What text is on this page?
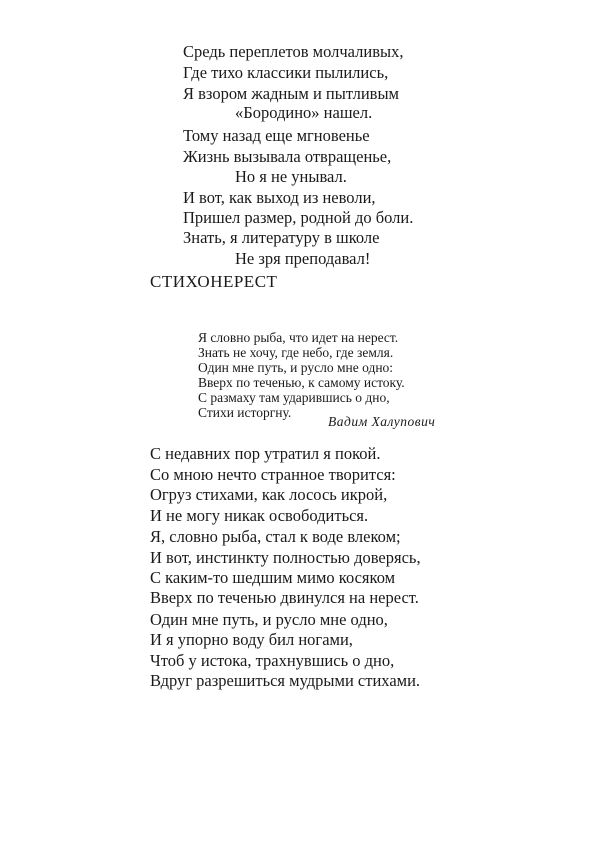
Средь переплетов молчаливых,
Где тихо классики пылились,
Я взором жадным и пытливым
«Бородино» нашел.
Тому назад еще мгновенье
Жизнь вызывала отвращенье,
Но я не унывал.
И вот, как выход из неволи,
Пришел размер, родной до боли.
Знать, я литературу в школе
Не зря преподавал!
СТИХОНЕРЕСТ
Я словно рыба, что идет на нерест.
Знать не хочу, где небо, где земля.
Один мне путь, и русло мне одно:
Вверх по теченью, к самому истоку.
С размаху там ударившись о дно,
Стихи исторгну.
Вадим Халупович
С недавних пор утратил я покой.
Со мною нечто странное творится:
Огруз стихами, как лосось икрой,
И не могу никак освободиться.
Я, словно рыба, стал к воде влеком;
И вот, инстинкту полностью доверясь,
С каким-то шедшим мимо косяком
Вверх по теченью двинулся на нерест.
Один мне путь, и русло мне одно,
И я упорно воду бил ногами,
Чтоб у истока, трахнувшись о дно,
Вдруг разрешиться мудрыми стихами.
